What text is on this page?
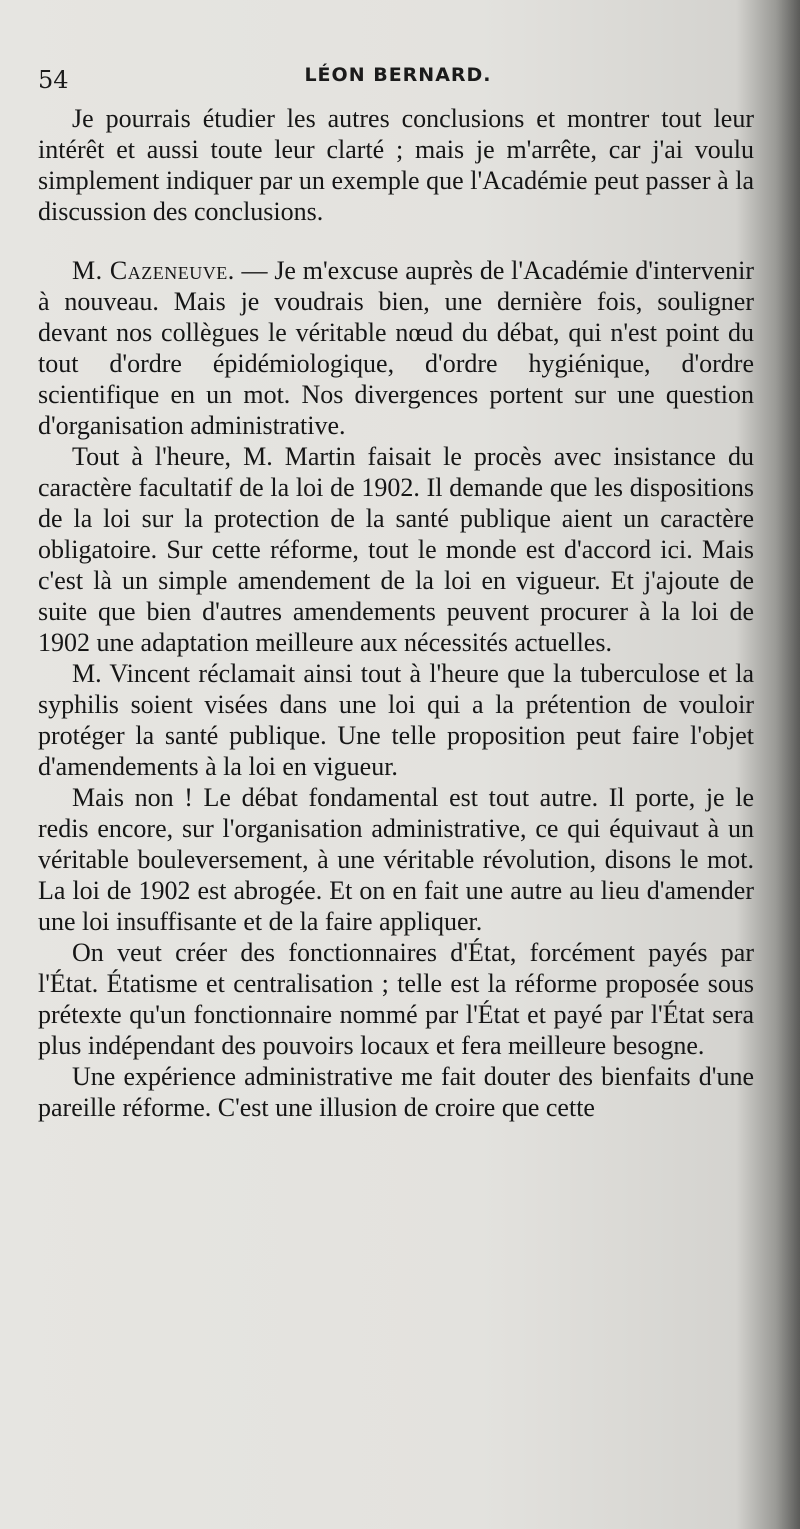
54	LÉON BERNARD.

Je pourrais étudier les autres conclusions et montrer tout leur intérêt et aussi toute leur clarté ; mais je m'arrête, car j'ai voulu simplement indiquer par un exemple que l'Académie peut passer à la discussion des conclusions.

M. Cazeneuve. — Je m'excuse auprès de l'Académie d'intervenir à nouveau. Mais je voudrais bien, une dernière fois, souligner devant nos collègues le véritable nœud du débat, qui n'est point du tout d'ordre épidémiologique, d'ordre hygiénique, d'ordre scientifique en un mot. Nos divergences portent sur une question d'organisation administrative.

Tout à l'heure, M. Martin faisait le procès avec insistance du caractère facultatif de la loi de 1902. Il demande que les dispositions de la loi sur la protection de la santé publique aient un caractère obligatoire. Sur cette réforme, tout le monde est d'accord ici. Mais c'est là un simple amendement de la loi en vigueur. Et j'ajoute de suite que bien d'autres amendements peuvent procurer à la loi de 1902 une adaptation meilleure aux nécessités actuelles.

M. Vincent réclamait ainsi tout à l'heure que la tuberculose et la syphilis soient visées dans une loi qui a la prétention de vouloir protéger la santé publique. Une telle proposition peut faire l'objet d'amendements à la loi en vigueur.

Mais non ! Le débat fondamental est tout autre. Il porte, je le redis encore, sur l'organisation administrative, ce qui équivaut à un véritable bouleversement, à une véritable révolution, disons le mot. La loi de 1902 est abrogée. Et on en fait une autre au lieu d'amender une loi insuffisante et de la faire appliquer.

On veut créer des fonctionnaires d'État, forcément payés par l'État. Étatisme et centralisation ; telle est la réforme proposée sous prétexte qu'un fonctionnaire nommé par l'État et payé par l'État sera plus indépendant des pouvoirs locaux et fera meilleure besogne.

Une expérience administrative me fait douter des bienfaits d'une pareille réforme. C'est une illusion de croire que cette
